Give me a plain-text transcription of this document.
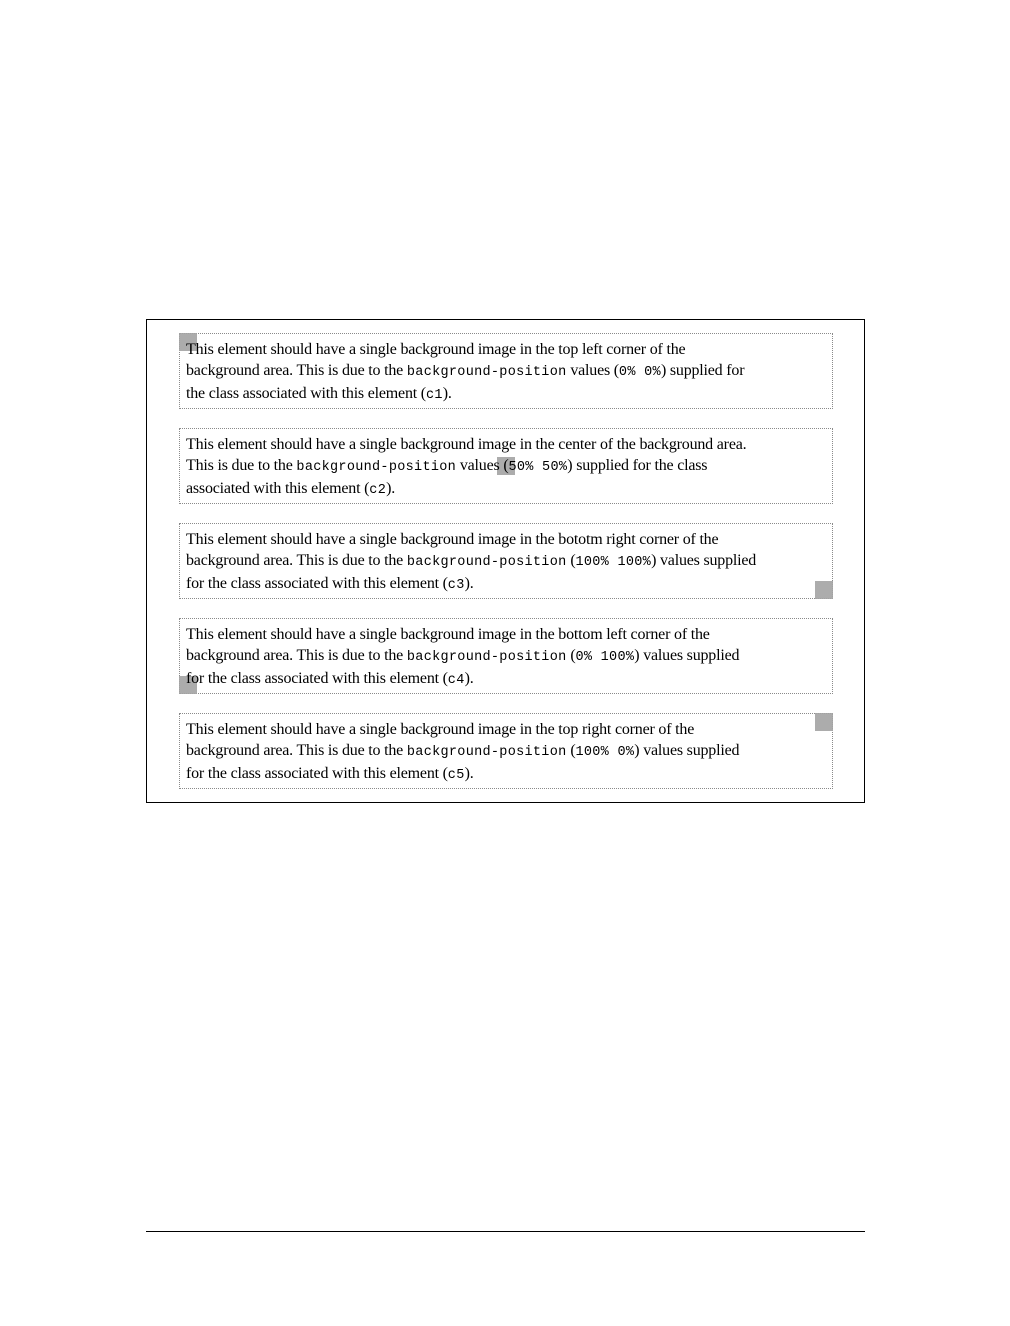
This element should have a single background image in the top left corner of the
background area. This is due to the background-position values (0% 0%) supplied for
the class associated with this element (c1).
This element should have a single background image in the center of the background area.
This is due to the background-position values (50% 50%) supplied for the class
associated with this element (c2).
This element should have a single background image in the bototm right corner of the
background area. This is due to the background-position (100% 100%) values supplied
for the class associated with this element (c3).
This element should have a single background image in the bottom left corner of the
background area. This is due to the background-position (0% 100%) values supplied
for the class associated with this element (c4).
This element should have a single background image in the top right corner of the
background area. This is due to the background-position (100% 0%) values supplied
for the class associated with this element (c5).
